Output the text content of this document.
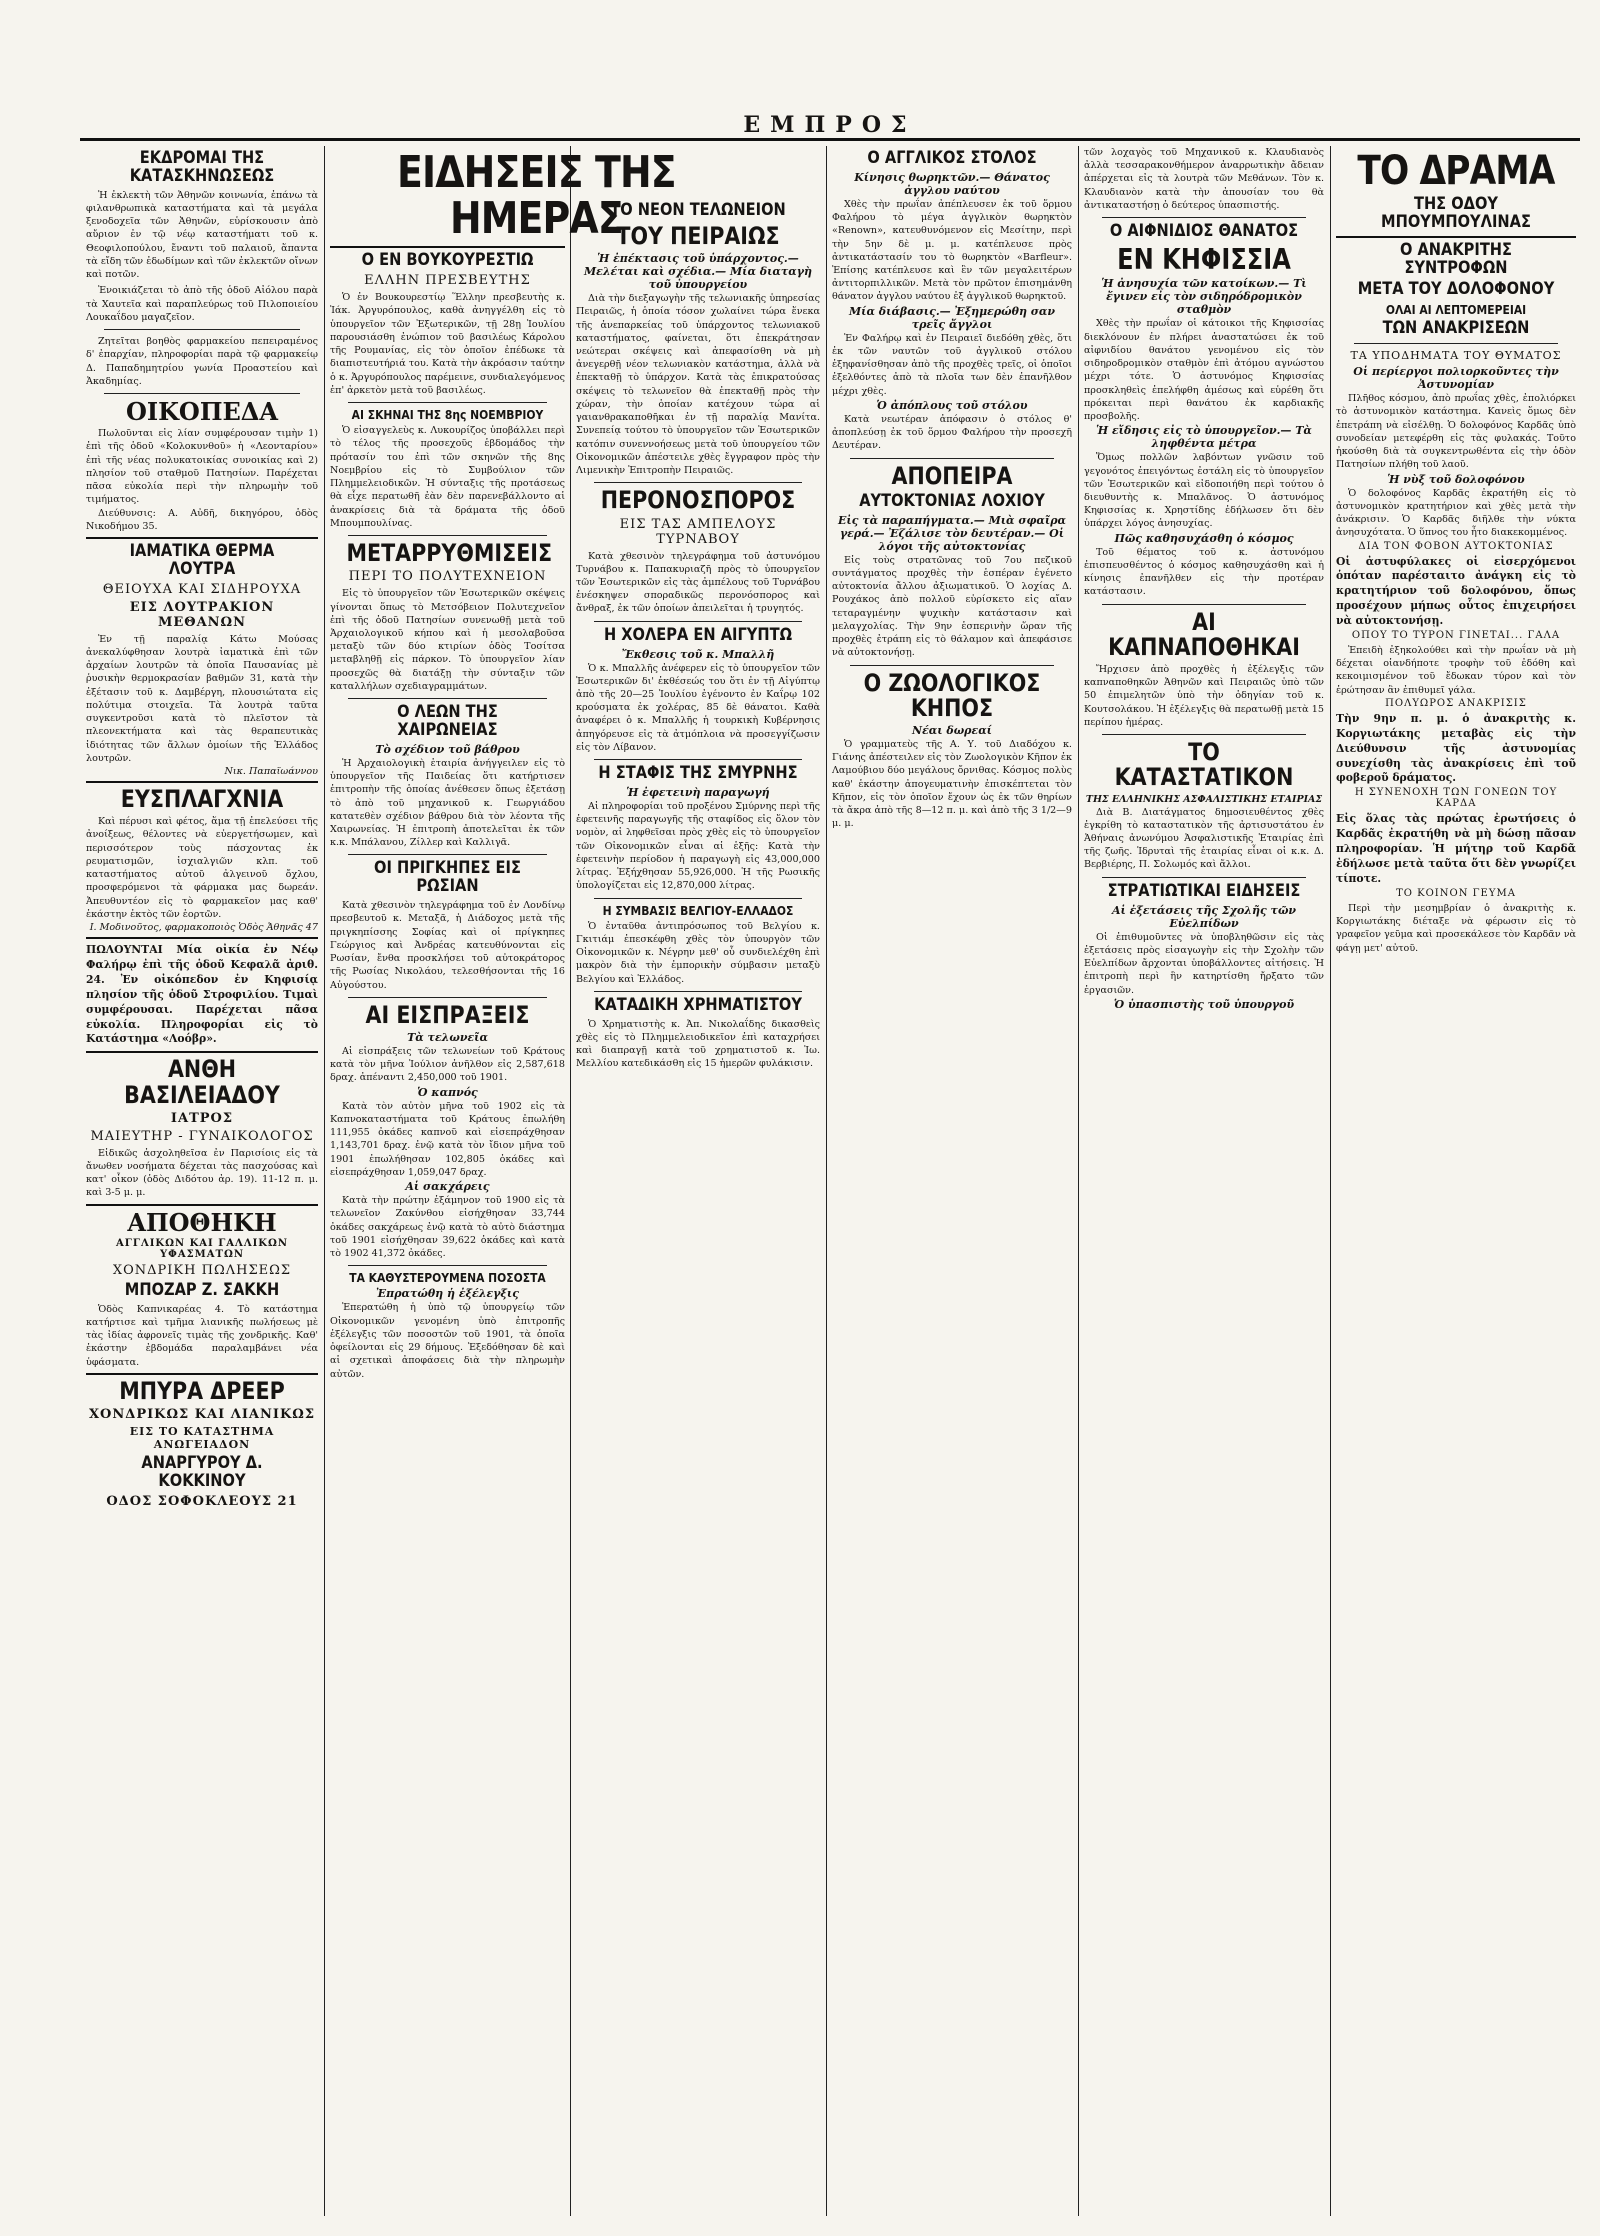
ΕΜΠΡΟΣ
ΕΚΔΡΟΜΑΙ ΤΗΣ ΚΑΤΑΣΚΗΝΩΣΕΩΣ

Ἡ ἐκλεκτὴ τῶν Ἀθηνῶν κοινωνία, ἐπάνω τὰ φιλανθρωπικὰ καταστήματα καὶ τὰ μεγάλα ξενοδοχεῖα τῶν Ἀθηνῶν, εὑρίσκουσιν ἀπὸ αὔριον ἐν τῷ νέῳ καταστήματι τοῦ κ. Θεοφιλοπούλου, ἔναντι τοῦ παλαιοῦ, ἅπαντα τὰ εἴδη τῶν ἐδωδίμων καὶ τῶν ἐκλεκτῶν οἴνων καὶ ποτῶν.

Ἐνοικιάζεται τὸ ἀπὸ τῆς ὁδοῦ Αἰόλου παρὰ τὰ Χαυτεῖα καὶ παραπλεύρως τοῦ Πιλοποιείου Λουκαΐδου μαγαζεῖον.

Ζητεῖται βοηθὸς φαρμακείου πεπειραμένος δ' ἐπαρχίαν, πληροφορίαι παρὰ τῷ φαρμακείῳ Δ. Παπαδημητρίου γωνία Προαστείου καὶ Ἀκαδημίας.

ΟΙΚΟΠΕΔΑ

Πωλοῦνται εἰς λίαν συμφέρουσαν τιμὴν 1) ἐπὶ τῆς ὁδοῦ «Κολοκυνθοῦ» ἡ «Λεονταρίου» ἐπὶ τῆς νέας πολυκατοικίας συνοικίας καὶ 2) πλησίον τοῦ σταθμοῦ Πατησίων. Παρέχεται πᾶσα εὐκολία περὶ τὴν πληρωμὴν τοῦ τιμήματος.

Διεύθυνσις: Α. Αὐδῆ, δικηγόρου, ὁδὸς Νικοδήμου 35.

ΙΑΜΑΤΙΚΑ ΘΕΡΜΑ ΛΟΥΤΡΑ
ΘΕΙΟΥΧΑ ΚΑΙ ΣΙΔΗΡΟΥΧΑ
ΕΙΣ ΛΟΥΤΡΑΚΙΟΝ ΜΕΘΑΝΩΝ

Ἐν τῇ παραλίᾳ Κάτω Μούσας ἀνεκαλύφθησαν λουτρὰ ἰαματικὰ ἐπὶ τῶν ἀρχαίων λουτρῶν τὰ ὁποῖα Παυσανίας μὲ ῥυσικὴν θερμοκρασίαν βαθμῶν 31, κατὰ τὴν ἐξέτασιν τοῦ κ. Δαμβέργη, πλουσιώτατα εἰς πολύτιμα στοιχεῖα. Τὰ λουτρὰ ταῦτα συγκεντροῦσι κατὰ τὸ πλεῖστον τὰ πλεονεκτήματα καὶ τὰς θεραπευτικὰς ἰδιότητας τῶν ἄλλων ὁμοίων τῆς Ἑλλάδος λουτρῶν.

Νικ. Παπαϊωάννου
ΕΥΣΠΛΑΓΧΝΙΑ

Καὶ πέρυσι καὶ φέτος, ἅμα τῇ ἐπελεύσει τῆς ἀνοίξεως, θέλοντες νὰ εὐεργετήσωμεν, καὶ περισσότερον τοὺς πάσχοντας ἐκ ρευματισμῶν, ἰσχιαλγιῶν κλπ. τοῦ καταστήματος αὐτοῦ ἀλγεινοῦ ὄχλου, προσφερόμενοι τὰ φάρμακα μας δωρεάν. Ἀπευθυντέον εἰς τὸ φαρμακεῖον μας καθ' ἑκάστην ἐκτὸς τῶν ἑορτῶν.

Ι. Μοδινοῦτος, φαρμακοποιὸς Ὁδὸς Ἀθηνᾶς 47

ΠΩΛΟΥΝΤΑΙ Μία οἰκία ἐν Νέῳ Φαλήρῳ ἐπὶ τῆς ὁδοῦ Κεφαλᾶ ἀριθ. 24. Ἐν οἰκόπεδον ἐν Κηφισίᾳ πλησίον τῆς ὁδοῦ Στροφιλίου. Τιμαὶ συμφέρουσαι. Παρέχεται πᾶσα εὐκολία. Πληροφορίαι εἰς τὸ Κατάστημα «Λοόβρ».

ΑΝΘΗ ΒΑΣΙΛΕΙΑΔΟΥ
ΙΑΤΡΟΣ
ΜΑΙΕΥΤΗΡ - ΓΥΝΑΙΚΟΛΟΓΟΣ

Εἰδικῶς ἀσχοληθεῖσα ἐν Παρισίοις εἰς τὰ ἄνωθεν νοσήματα δέχεται τὰς πασχούσας καὶ κατ' οἶκον (ὁδὸς Διδότου ἀρ. 19). 11-12 π. μ. καὶ 3-5 μ. μ.

ΑΠΟΘΗΚΗ
ΑΓΓΛΙΚΩΝ ΚΑΙ ΓΑΛΛΙΚΩΝ ΥΦΑΣΜΑΤΩΝ
ΧΟΝΔΡΙΚΗ ΠΩΛΗΣΕΩΣ
ΜΠΟΖΑΡ Ζ. ΣΑΚΚΗ

Ὁδὸς Καπνικαρέας 4. Τὸ κατάστημα κατήρτισε καὶ τμῆμα λιανικῆς πωλήσεως μὲ τὰς ἰδίας ἀφρονεῖς τιμὰς τῆς χονδρικῆς. Καθ' ἑκάστην ἐβδομάδα παραλαμβάνει νέα ὑφάσματα.

ΜΠΥΡΑ ΔΡΕΕΡ
ΧΟΝΔΡΙΚΩΣ ΚΑΙ ΛΙΑΝΙΚΩΣ
ΕΙΣ ΤΟ ΚΑΤΑΣΤΗΜΑ ΑΝΩΓΕΙΑΔΟΝ
ΑΝΑΡΓΥΡΟΥ Δ. ΚΟΚΚΙΝΟΥ
ΟΔΟΣ ΣΟΦΟΚΛΕΟΥΣ 21
ΕΙΔΗΣΕΙΣ ΤΗΣ ΗΜΕΡΑΣ
Ο ΕΝ ΒΟΥΚΟΥΡΕΣΤΙΩ
ΕΛΛΗΝ ΠΡΕΣΒΕΥΤΗΣ

Ὁ ἐν Βουκουρεστίῳ Ἕλλην πρεσβευτὴς κ. Ἰάκ. Ἀργυρόπουλος, καθὰ ἀνηγγέλθη εἰς τὸ ὑπουργεῖον τῶν Ἐξωτερικῶν, τῇ 28ῃ Ἰουλίου παρουσιάσθη ἐνώπιον τοῦ βασιλέως Κάρολου τῆς Ρουμανίας, εἰς τὸν ὁποῖον ἐπέδωκε τὰ διαπιστευτήριά του. Κατὰ τὴν ἀκρόασιν ταύτην ὁ κ. Ἀργυρόπουλος παρέμεινε, συνδιαλεγόμενος ἐπ' ἀρκετὸν μετὰ τοῦ βασιλέως.

ΑΙ ΣΚΗΝΑΙ ΤΗΣ 8ης ΝΟΕΜΒΡΙΟΥ

Ὁ εἰσαγγελεὺς κ. Λυκουρίζος ὑποβάλλει περὶ τὸ τέλος τῆς προσεχοῦς ἑβδομάδος τὴν πρότασίν του ἐπὶ τῶν σκηνῶν τῆς 8ης Νοεμβρίου εἰς τὸ Συμβούλιον τῶν Πλημμελειοδικῶν. Ἡ σύνταξις τῆς προτάσεως θὰ εἶχε περατωθῆ ἐὰν δὲν παρενεβάλλοντο αἱ ἀνακρίσεις διὰ τὰ δράματα τῆς ὁδοῦ Μπουμπουλίνας.

ΜΕΤΑΡΡΥΘΜΙΣΕΙΣ
ΠΕΡΙ ΤΟ ΠΟΛΥΤΕΧΝΕΙΟΝ

Εἰς τὸ ὑπουργεῖον τῶν Ἐσωτερικῶν σκέψεις γίνονται ὅπως τὸ Μετσόβειον Πολυτεχνεῖον ἐπὶ τῆς ὁδοῦ Πατησίων συνενωθῇ μετὰ τοῦ Ἀρχαιολογικοῦ κήπου καὶ ἡ μεσολαβοῦσα μεταξὺ τῶν δύο κτιρίων ὁδὸς Τοσίτσα μεταβληθῇ εἰς πάρκον. Τὸ ὑπουργεῖον λίαν προσεχῶς θὰ διατάξῃ τὴν σύνταξιν τῶν καταλλήλων σχεδιαγραμμάτων.

Ο ΛΕΩΝ ΤΗΣ ΧΑΙΡΩΝΕΙΑΣ
Τὸ σχέδιον τοῦ βάθρου

Ἡ Ἀρχαιολογικὴ ἑταιρία ἀνήγγειλεν εἰς τὸ ὑπουργεῖον τῆς Παιδείας ὅτι κατήρτισεν ἐπιτροπὴν τῆς ὁποίας ἀνέθεσεν ὅπως ἐξετάσῃ τὸ ἀπὸ τοῦ μηχανικοῦ κ. Γεωργιάδου κατατεθὲν σχέδιον βάθρου διὰ τὸν λέοντα τῆς Χαιρωνείας. Ἡ ἐπιτροπὴ ἀποτελεῖται ἐκ τῶν κ.κ. Μπάλανου, Ζίλλερ καὶ Καλλιγᾶ.

ΟΙ ΠΡΙΓΚΗΠΕΣ ΕΙΣ ΡΩΣΙΑΝ

Κατὰ χθεσινὸν τηλεγράφημα τοῦ ἐν Λονδίνῳ πρεσβευτοῦ κ. Μεταξᾶ, ἡ Διάδοχος μετὰ τῆς πριγκηπίσσης Σοφίας καὶ οἱ πρίγκηπες Γεώργιος καὶ Ἀνδρέας κατευθύνονται εἰς Ρωσίαν, ἔνθα προσκλήσει τοῦ αὐτοκράτορος τῆς Ρωσίας Νικολάου, τελεσθήσονται τῆς 16 Αὐγούστου.

ΑΙ ΕΙΣΠΡΑΞΕΙΣ
Τὰ τελωνεῖα

Αἱ εἰσπράξεις τῶν τελωνείων τοῦ Κράτους κατὰ τὸν μῆνα Ἰούλιον ἀνῆλθον εἰς 2,587,618 δραχ. ἀπέναντι 2,450,000 τοῦ 1901.

Ὁ καπνός

Κατὰ τὸν αὐτὸν μῆνα τοῦ 1902 εἰς τὰ Καπνοκαταστήματα τοῦ Κράτους ἐπωλήθη 111,955 ὀκάδες καπνοῦ καὶ εἰσεπράχθησαν 1,143,701 δραχ. ἐνῷ κατὰ τὸν ἴδιον μῆνα τοῦ 1901 ἐπωλήθησαν 102,805 ὀκάδες καὶ εἰσεπράχθησαν 1,059,047 δραχ.

Αἱ σακχάρεις

Κατὰ τὴν πρώτην ἑξάμηνον τοῦ 1900 εἰς τὰ τελωνεῖον Ζακύνθου εἰσήχθησαν 33,744 ὀκάδες σακχάρεως ἐνῷ κατὰ τὸ αὐτὸ διάστημα τοῦ 1901 εἰσήχθησαν 39,622 ὀκάδες καὶ κατὰ τὸ 1902 41,372 ὀκάδες.

ΤΑ ΚΑΘΥΣΤΕΡΟΥΜΕΝΑ ΠΟΣΟΣΤΑ
Ἐπρατώθη ἡ ἐξέλεγξις

Ἐπερατώθη ἡ ὑπὸ τῷ ὑπουργείῳ τῶν Οἰκονομικῶν γενομένη ὑπὸ ἐπιτροπῆς ἐξέλεγξις τῶν ποσοστῶν τοῦ 1901, τὰ ὁποῖα ὀφείλονται εἰς 29 δήμους. Ἐξεδόθησαν δὲ καὶ αἱ σχετικαὶ ἀποφάσεις διὰ τὴν πληρωμὴν αὐτῶν.

ΤΟ ΝΕΟΝ ΤΕΛΩΝΕΙΟΝ
ΤΟΥ ΠΕΙΡΑΙΩΣ
Ἡ ἐπέκτασις τοῦ ὑπάρχοντος.— Μελέται καὶ σχέδια.— Μία διαταγὴ τοῦ ὑπουργείου

Διὰ τὴν διεξαγωγὴν τῆς τελωνιακῆς ὑπηρεσίας Πειραιῶς, ἡ ὁποία τόσον χωλαίνει τώρα ἕνεκα τῆς ἀνεπαρκείας τοῦ ὑπάρχοντος τελωνιακοῦ καταστήματος, φαίνεται, ὅτι ἐπεκράτησαν νεώτεραι σκέψεις καὶ ἀπεφασίσθη νὰ μὴ ἀνεγερθῇ νέον τελωνιακὸν κατάστημα, ἀλλὰ νὰ ἐπεκταθῇ τὸ ὑπάρχον. Κατὰ τὰς ἐπικρατούσας σκέψεις τὸ τελωνεῖον θὰ ἐπεκταθῇ πρὸς τὴν χώραν, τὴν ὁποίαν κατέχουν τώρα αἱ γαιανθρακαποθῆκαι ἐν τῇ παραλίᾳ Μανίτα. Συνεπείᾳ τούτου τὸ ὑπουργεῖον τῶν Ἐσωτερικῶν κατόπιν συνεννοήσεως μετὰ τοῦ ὑπουργείου τῶν Οἰκονομικῶν ἀπέστειλε χθὲς ἔγγραφον πρὸς τὴν Λιμενικὴν Ἐπιτροπὴν Πειραιῶς.

ΠΕΡΟΝΟΣΠΟΡΟΣ
ΕΙΣ ΤΑΣ ΑΜΠΕΛΟΥΣ ΤΥΡΝΑΒΟΥ

Κατὰ χθεσινὸν τηλεγράφημα τοῦ ἀστυνόμου Τυρνάβου κ. Παπακυριαζῆ πρὸς τὸ ὑπουργεῖον τῶν Ἐσωτερικῶν εἰς τὰς ἀμπέλους τοῦ Τυρνάβου ἐνέσκηψεν σποραδικῶς περονόσπορος καὶ ἄνθραξ, ἐκ τῶν ὁποίων ἀπειλεῖται ἡ τρυγητός.

Η ΧΟΛΕΡΑ ΕΝ ΑΙΓΥΠΤΩ
Ἔκθεσις τοῦ κ. Μπαλλῆ

Ὁ κ. Μπαλλῆς ἀνέφερεν εἰς τὸ ὑπουργεῖον τῶν Ἐσωτερικῶν δι' ἐκθέσεώς του ὅτι ἐν τῇ Αἰγύπτῳ ἀπὸ τῆς 20—25 Ἰουλίου ἐγένοντο ἐν Καΐρῳ 102 κρούσματα ἐκ χολέρας, 85 δὲ θάνατοι. Καθὰ ἀναφέρει ὁ κ. Μπαλλῆς ἡ τουρκικὴ Κυβέρνησις ἀπηγόρευσε εἰς τὰ ἀτμόπλοια νὰ προσεγγίζωσιν εἰς τὸν Λίβανον.

Η ΣΤΑΦΙΣ ΤΗΣ ΣΜΥΡΝΗΣ
Ἡ ἐφετεινὴ παραγωγή

Αἱ πληροφορίαι τοῦ προξένου Σμύρνης περὶ τῆς ἐφετεινῆς παραγωγῆς τῆς σταφίδος εἰς ὅλον τὸν νομὸν, αἱ ληφθεῖσαι πρὸς χθὲς εἰς τὸ ὑπουργεῖον τῶν Οἰκονομικῶν εἶναι αἱ ἑξῆς: Κατὰ τὴν ἐφετεινὴν περίοδον ἡ παραγωγὴ εἰς 43,000,000 λίτρας. Ἐξήχθησαν 55,926,000. Ἡ τῆς Ρωσικῆς ὑπολογίζεται εἰς 12,870,000 λίτρας.

Η ΣΥΜΒΑΣΙΣ ΒΕΛΓΙΟΥ-ΕΛΛΑΔΟΣ

Ὁ ἐνταῦθα ἀντιπρόσωπος τοῦ Βελγίου κ. Γκιτιάμ ἐπεσκέφθη χθὲς τὸν ὑπουργὸν τῶν Οἰκονομικῶν κ. Νέγρην μεθ' οὗ συνδιελέχθη ἐπὶ μακρὸν διὰ τὴν ἐμπορικὴν σύμβασιν μεταξὺ Βελγίου καὶ Ἑλλάδος.

ΚΑΤΑΔΙΚΗ ΧΡΗΜΑΤΙΣΤΟΥ

Ὁ Χρηματιστὴς κ. Ἀπ. Νικολαΐδης δικασθεὶς χθὲς εἰς τὸ Πλημμελειοδικεῖον ἐπὶ καταχρήσει καὶ διαπραγῇ κατὰ τοῦ χρηματιστοῦ κ. Ἰω. Μελλίου κατεδικάσθη εἰς 15 ἡμερῶν φυλάκισιν.

Ο ΑΓΓΛΙΚΟΣ ΣΤΟΛΟΣ
Κίνησις θωρηκτῶν.— Θάνατος ἀγγλου ναύτου

Χθὲς τὴν πρωΐαν ἀπέπλευσεν ἐκ τοῦ ὅρμου Φαλήρου τὸ μέγα ἀγγλικὸν θωρηκτὸν «Renown», κατευθυνόμενον εἰς Μεσίτην, περὶ τὴν 5ην δὲ μ. μ. κατέπλευσε πρὸς ἀντικατάστασίν του τὸ θωρηκτὸν «Barfleur». Ἐπίσης κατέπλευσε καὶ ἓν τῶν μεγαλειτέρων ἀντιτορπιλλικῶν. Μετὰ τὸν πρῶτον ἐπισημάνθη θάνατον ἀγγλου ναύτου ἐξ ἀγγλικοῦ θωρηκτοῦ.

Μία διάβασις.— Ἐξημερώθη σαν τρεῖς ἄγγλοι

Ἐν Φαλήρῳ καὶ ἐν Πειραιεῖ διεδόθη χθὲς, ὅτι ἐκ τῶν ναυτῶν τοῦ ἀγγλικοῦ στόλου ἐξηφανίσθησαν ἀπὸ τῆς προχθὲς τρεῖς, οἱ ὁποῖοι ἐξελθόντες ἀπὸ τὰ πλοῖα των δὲν ἐπανῆλθον μέχρι χθὲς.

Ὁ ἀπόπλους τοῦ στόλου

Κατὰ νεωτέραν ἀπόφασιν ὁ στόλος θ' ἀποπλεύσῃ ἐκ τοῦ ὅρμου Φαλήρου τὴν προσεχῆ Δευτέραν.

ΑΠΟΠΕΙΡΑ
ΑΥΤΟΚΤΟΝΙΑΣ ΛΟΧΙΟΥ
Εἰς τὰ παραπήγματα.— Μιὰ σφαῖρα γερά.— Ἐζάλισε τὸν δευτέραν.— Οἱ λόγοι τῆς αὐτοκτονίας

Εἰς τοὺς στρατῶνας τοῦ 7ου πεζικοῦ συντάγματος προχθὲς τὴν ἑσπέραν ἐγένετο αὐτοκτονία ἄλλου ἀξιωματικοῦ. Ὁ λοχίας Δ. Ρουχάκος ἀπὸ πολλοῦ εὑρίσκετο εἰς αἴαν τεταραγμένην ψυχικὴν κατάστασιν καὶ μελαγχολίας. Τὴν 9ην ἑσπερινὴν ὥραν τῆς προχθὲς ἐτράπη εἰς τὸ θάλαμον καὶ ἀπεφάσισε νὰ αὐτοκτονήσῃ.

Ο ΖΩΟΛΟΓΙΚΟΣ ΚΗΠΟΣ
Νέαι δωρεαί

Ὁ γραμματεὺς τῆς Α. Υ. τοῦ Διαδόχου κ. Γιάνης ἀπέστειλεν εἰς τὸν Ζωολογικὸν Κῆπον ἐκ Λαμούβιου δύο μεγάλους ὄρνιθας. Κόσμος πολὺς καθ' ἑκάστην ἀπογευματινὴν ἐπισκέπτεται τὸν Κῆπον, εἰς τὸν ὁποῖον ἔχουν ὡς ἐκ τῶν θηρίων τὰ ἄκρα ἀπὸ τῆς 8—12 π. μ. καὶ ἀπὸ τῆς 3 1/2—9 μ. μ.

τῶν λοχαγὸς τοῦ Μηχανικοῦ κ. Κλαυδιανὸς ἀλλὰ τεσσαρακονθήμερον ἀναρρωτικὴν ἄδειαν ἀπέρχεται εἰς τὰ λουτρὰ τῶν Μεθάνων. Τὸν κ. Κλαυδιανὸν κατὰ τὴν ἀπουσίαν του θὰ ἀντικαταστήσῃ ὁ δεύτερος ὑπασπιστής.

Ο ΑΙΦΝΙΔΙΟΣ ΘΑΝΑΤΟΣ
ΕΝ ΚΗΦΙΣΣΙΑ
Ἡ ἀνησυχία τῶν κατοίκων.— Τὶ ἔγινεν εἰς τὸν σιδηρόδρομικὸν σταθμὸν

Χθὲς τὴν πρωΐαν οἱ κάτοικοι τῆς Κηφισσίας διεκλόνουν ἐν πλήρει ἀναστατώσει ἐκ τοῦ αἰφνιδίου θανάτου γενομένου εἰς τὸν σιδηροδρομικὸν σταθμὸν ἐπὶ ἀτόμου αγνώστου μέχρι τότε. Ὁ ἀστυνόμος Κηφισσίας προσκληθεὶς ἐπελήφθη ἀμέσως καὶ εὑρέθη ὅτι πρόκειται περὶ θανάτου ἐκ καρδιακῆς προσβολῆς.

Ἡ εἴδησις εἰς τὸ ὑπουργεῖον.— Τὰ ληφθέντα μέτρα

Ὅμως πολλῶν λαβόντων γνῶσιν τοῦ γεγονότος ἐπειγόντως ἐστάλη εἰς τὸ ὑπουργεῖον τῶν Ἐσωτερικῶν καὶ εἰδοποιήθη περὶ τούτου ὁ διευθυντὴς κ. Μπαλᾶνος. Ὁ ἀστυνόμος Κηφισσίας κ. Χρηστίδης ἐδήλωσεν ὅτι δὲν ὑπάρχει λόγος ἀνησυχίας.

Πῶς καθησυχάσθη ὁ κόσμος

Τοῦ θέματος τοῦ κ. ἀστυνόμου ἐπισπευσθέντος ὁ κόσμος καθησυχάσθη καὶ ἡ κίνησις ἐπανῆλθεν εἰς τὴν προτέραν κατάστασιν.

ΑΙ ΚΑΠΝΑΠΟΘΗΚΑΙ

Ἤρχισεν ἀπὸ προχθὲς ἡ ἐξέλεγξις τῶν καπναποθηκῶν Ἀθηνῶν καὶ Πειραιῶς ὑπὸ τῶν 50 ἐπιμελητῶν ὑπὸ τὴν ὁδηγίαν τοῦ κ. Κουτσολάκου. Ἡ ἐξέλεγξις θὰ περατωθῇ μετὰ 15 περίπου ἡμέρας.

ΤΟ ΚΑΤΑΣΤΑΤΙΚΟΝ
ΤΗΣ ΕΛΛΗΝΙΚΗΣ ΑΣΦΑΛΙΣΤΙΚΗΣ ΕΤΑΙΡΙΑΣ

Διὰ Β. Διατάγματος δημοσιευθέντος χθὲς ἐγκρίθη τὸ καταστατικὸν τῆς ἀρτισυστάτου ἐν Ἀθήναις ἀνωνύμου Ἀσφαλιστικῆς Ἑταιρίας ἐπὶ τῆς ζωῆς. Ἱδρυταὶ τῆς ἑταιρίας εἶναι οἱ κ.κ. Δ. Βερβιέρης, Π. Σολωμός καὶ ἄλλοι.

ΣΤΡΑΤΙΩΤΙΚΑΙ ΕΙΔΗΣΕΙΣ
Αἱ ἐξετάσεις τῆς Σχολῆς τῶν Εὐελπίδων

Οἱ ἐπιθυμοῦντες νὰ ὑποβληθῶσιν εἰς τὰς ἐξετάσεις πρὸς εἰσαγωγὴν εἰς τὴν Σχολὴν τῶν Εὐελπίδων ἄρχονται ὑποβάλλοντες αἰτήσεις. Ἡ ἐπιτροπὴ περὶ ἣν κατηρτίσθη ἤρξατο τῶν ἐργασιῶν.

Ὁ ὑπασπιστὴς τοῦ ὑπουργοῦ
ΤΟ ΔΡΑΜΑ
ΤΗΣ ΟΔΟΥ ΜΠΟΥΜΠΟΥΛΙΝΑΣ
Ο ΑΝΑΚΡΙΤΗΣ ΣΥΝΤΡΟΦΩΝ
ΜΕΤΑ ΤΟΥ ΔΟΛΟΦΟΝΟΥ
ΟΛΑΙ ΑΙ ΛΕΠΤΟΜΕΡΕΙΑΙ
ΤΩΝ ΑΝΑΚΡΙΣΕΩΝ
ΤΑ ΥΠΟΔΗΜΑΤΑ ΤΟΥ ΘΥΜΑΤΟΣ
Οἱ περίεργοι πολιορκοῦντες τὴν Ἀστυνομίαν

Πλῆθος κόσμου, ἀπὸ πρωΐας χθὲς, ἐπολιόρκει τὸ ἀστυνομικὸν κατάστημα. Κανεὶς ὅμως δὲν ἐπετράπη νὰ εἰσέλθῃ. Ὁ δολοφόνος Καρδᾶς ὑπὸ συνοδείαν μετεφέρθη εἰς τὰς φυλακάς. Τοῦτο ἠκούσθη διὰ τὰ συγκεντρωθέντα εἰς τὴν ὁδὸν Πατησίων πλήθη τοῦ λαοῦ.

Ἡ νὺξ τοῦ δολοφόνου

Ὁ δολοφόνος Καρδᾶς ἐκρατήθη εἰς τὸ ἀστυνομικὸν κρατητήριον καὶ χθὲς μετὰ τὴν ἀνάκρισιν. Ὁ Καρδᾶς διῆλθε τὴν νύκτα ἀνησυχότατα. Ὁ ὕπνος του ἦτο διακεκομμένος.

ΔΙΑ ΤΟΝ ΦΟΒΟΝ ΑΥΤΟΚΤΟΝΙΑΣ

Οἱ ἀστυφύλακες οἱ εἰσερχόμενοι ὁπόταν παρέσταιτο ἀνάγκη εἰς τὸ κρατητήριον τοῦ δολοφόνου, ὅπως προσέχουν μήπως οὗτος ἐπιχειρήσει νὰ αὐτοκτονήσῃ.

ΟΠΟΥ ΤΟ ΤΥΡΟΝ ΓΙΝΕΤΑΙ... ΓΑΛΑ

Ἐπειδὴ ἐξηκολούθει καὶ τὴν πρωΐαν νὰ μὴ δέχεται οἱανδήποτε τροφὴν τοῦ ἐδόθη καὶ κεκοιμισμένον τοῦ ἔδωκαν τύρον καὶ τὸν ἐρώτησαν ἂν ἐπιθυμεῖ γάλα.

ΠΟΛΥΩΡΟΣ ΑΝΑΚΡΙΣΙΣ

Τὴν 9ην π. μ. ὁ ἀνακριτὴς κ. Κοργιωτάκης μεταβὰς εἰς τὴν Διεύθυνσιν τῆς ἀστυνομίας συνεχίσθη τὰς ἀνακρίσεις ἐπὶ τοῦ φοβεροῦ δράματος.

Η ΣΥΝΕΝΟΧΗ ΤΩΝ ΓΟΝΕΩΝ ΤΟΥ ΚΑΡΔΑ

Εἰς ὅλας τὰς πρώτας ἐρωτήσεις ὁ Καρδᾶς ἐκρατήθη νὰ μὴ δώσῃ πᾶσαν πληροφορίαν. Ἡ μήτηρ τοῦ Καρδᾶ ἐδήλωσε μετὰ ταῦτα ὅτι δὲν γνωρίζει τίποτε.

ΤΟ ΚΟΙΝΟΝ ΓΕΥΜΑ

Περὶ τὴν μεσημβρίαν ὁ ἀνακριτὴς κ. Κοργιωτάκης διέταξε νὰ φέρωσιν εἰς τὸ γραφεῖον γεῦμα καὶ προσεκάλεσε τὸν Καρδᾶν νὰ φάγῃ μετ' αὐτοῦ.
